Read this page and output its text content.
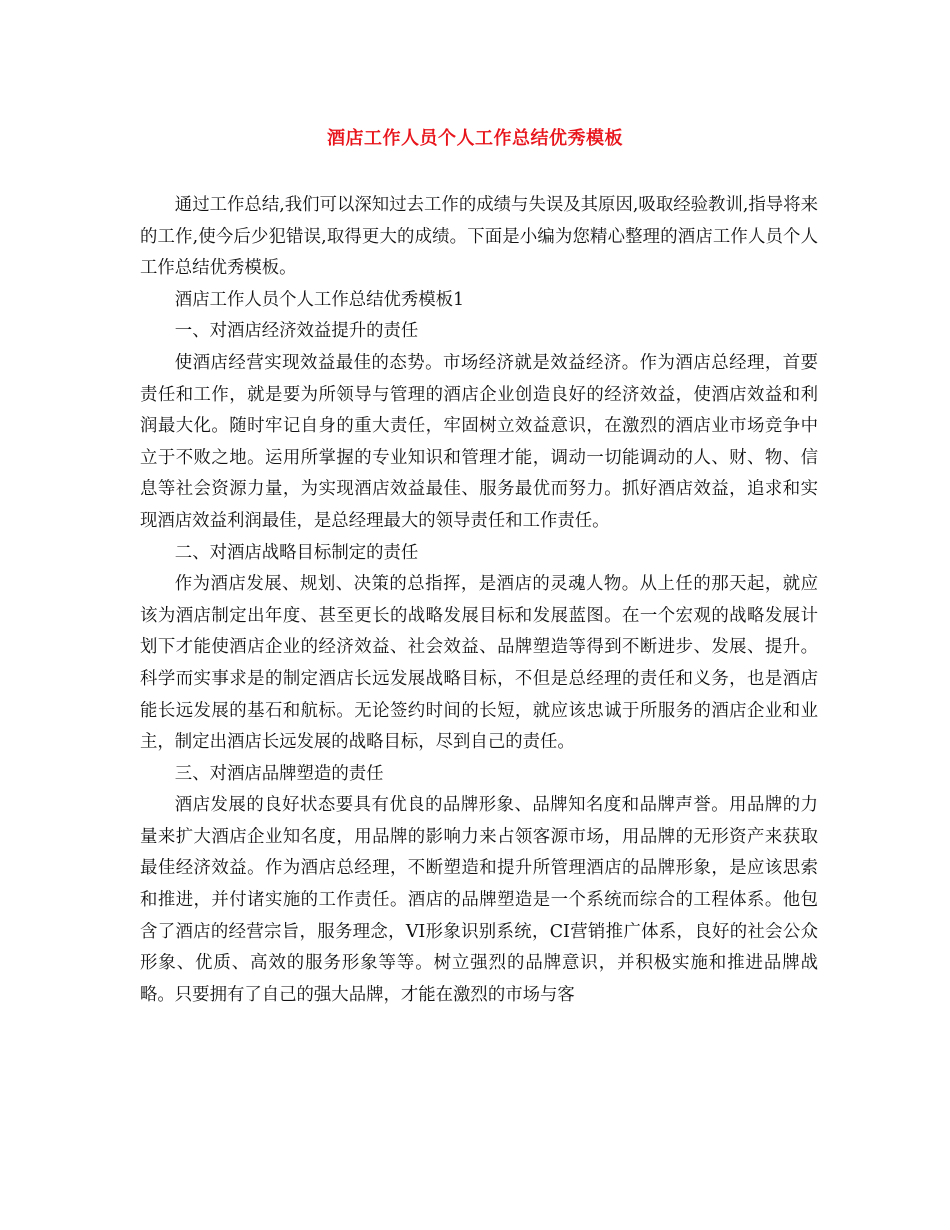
酒店工作人员个人工作总结优秀模板

通过工作总结,我们可以深知过去工作的成绩与失误及其原因,吸取经验教训,指导将来的工作,使今后少犯错误,取得更大的成绩。下面是小编为您精心整理的酒店工作人员个人工作总结优秀模板。

酒店工作人员个人工作总结优秀模板1

一、对酒店经济效益提升的责任

使酒店经营实现效益最佳的态势。市场经济就是效益经济。作为酒店总经理，首要责任和工作，就是要为所领导与管理的酒店企业创造良好的经济效益，使酒店效益和利润最大化。随时牢记自身的重大责任，牢固树立效益意识，在激烈的酒店业市场竞争中立于不败之地。运用所掌握的专业知识和管理才能，调动一切能调动的人、财、物、信息等社会资源力量，为实现酒店效益最佳、服务最优而努力。抓好酒店效益，追求和实现酒店效益利润最佳，是总经理最大的领导责任和工作责任。

二、对酒店战略目标制定的责任

作为酒店发展、规划、决策的总指挥，是酒店的灵魂人物。从上任的那天起，就应该为酒店制定出年度、甚至更长的战略发展目标和发展蓝图。在一个宏观的战略发展计划下才能使酒店企业的经济效益、社会效益、品牌塑造等得到不断进步、发展、提升。科学而实事求是的制定酒店长远发展战略目标，不但是总经理的责任和义务，也是酒店能长远发展的基石和航标。无论签约时间的长短，就应该忠诚于所服务的酒店企业和业主，制定出酒店长远发展的战略目标，尽到自己的责任。

三、对酒店品牌塑造的责任

酒店发展的良好状态要具有优良的品牌形象、品牌知名度和品牌声誉。用品牌的力量来扩大酒店企业知名度，用品牌的影响力来占领客源市场，用品牌的无形资产来获取最佳经济效益。作为酒店总经理，不断塑造和提升所管理酒店的品牌形象，是应该思索和推进，并付诸实施的工作责任。酒店的品牌塑造是一个系统而综合的工程体系。他包含了酒店的经营宗旨，服务理念，VI形象识别系统，CI营销推广体系，良好的社会公众形象、优质、高效的服务形象等等。树立强烈的品牌意识，并积极实施和推进品牌战略。只要拥有了自己的强大品牌，才能在激烈的市场与客
